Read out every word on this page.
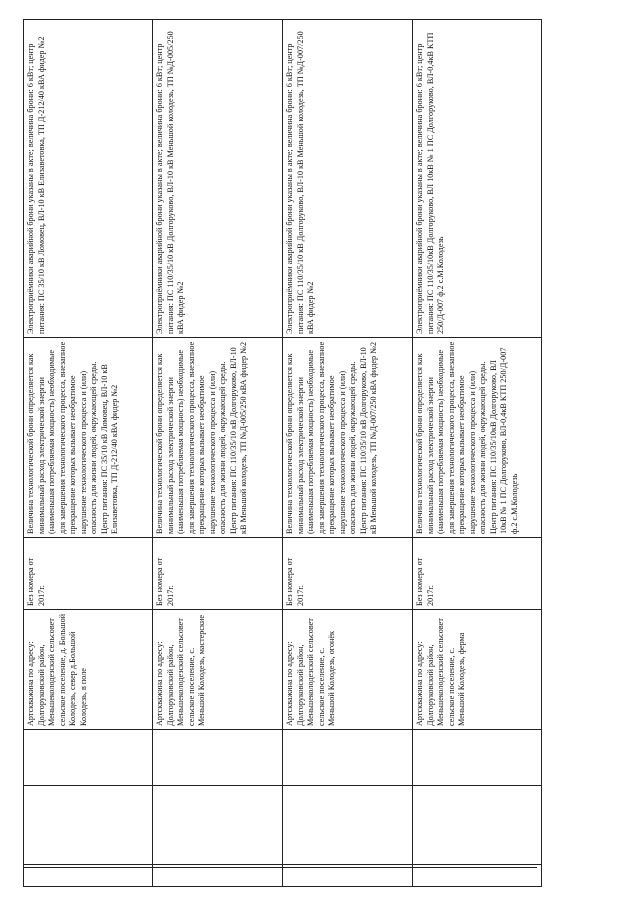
			Артскважина по адресу: Долгоруковский район, Меньшеколодезский сельсовет сельское поселение, д. Большой Колодезь, север д.Большой Колодезь, в поле	Без номера от 2017г.	Величина технологической брони определяется как минимальный расход электрической энергии (наименьшая потребляемая мощность) необходимые для завершения технологического процесса, внезапное прекращение которых вызывает необратимое нарушение технологического процесса и (или) опасность для жизни людей, окружающей среды. Центр питания: ПС 35/10 кВ Ломовец, ВЛ-10 кВ Елизаветовка, ТП Д-212/40 кВА фидер №2	Электроприёмники аварийной брони указаны в акте; величина брони: 6 кВт; центр питания: ПС 35/10 кВ Ломовец, ВЛ-10 кВ Елизаветовка, ТП Д-212/40 кВА фидер №2
			Артскважина по адресу: Долгоруковский район, Меньшеколодезский сельсовет сельское поселение, с. Меньшой Колодезь, мастерские	Без номера от 2017г.	Величина технологической брони определяется как минимальный расход электрической энергии (наименьшая потребляемая мощность) необходимые для завершения технологического процесса, внезапное прекращение которых вызывает необратимое нарушение технологического процесса и (или) опасность для жизни людей, окружающей среды. Центр питания: ПС 110/35/10 кВ Долгоруково, ВЛ-10 кВ Меньшой колодезь, ТП №Д-005/250 кВА фидер №2	Электроприёмники аварийной брони указаны в акте; величина брони: 6 кВт; центр питания: ПС 110/35/10 кВ Долгоруково, ВЛ-10 кВ Меньшой колодезь, ТП №Д-005/250 кВА фидер №2
			Артскважина по адресу: Долгоруковский район, Меньшеколодезский сельсовет сельское поселение, с. Меньшой Колодезь, огонёк	Без номера от 2017г.	Величина технологической брони определяется как минимальный расход электрической энергии (наименьшая потребляемая мощность) необходимые для завершения технологического процесса, внезапное прекращение которых вызывает необратимое нарушение технологического процесса и (или) опасность для жизни людей, окружающей среды. Центр питания: ПС 110/35/10 кВ Долгоруково, ВЛ-10 кВ Меньшой колодезь, ТП №Д-007/250 кВА фидер №2	Электроприёмники аварийной брони указаны в акте; величина брони: 6 кВт; центр питания: ПС 110/35/10 кВ Долгоруково, ВЛ-10 кВ Меньшой колодезь, ТП №Д-007/250 кВА фидер №2
			Артскважина по адресу: Долгоруковский район, Меньшеколодезский сельсовет сельское поселение, с. Меньшой Колодезь, ферма	Без номера от 2017г.	Величина технологической брони определяется как минимальный расход электрической энергии (наименьшая потребляемая мощность) необходимые для завершения технологического процесса, внезапное прекращение которых вызывает необратимое нарушение технологического процесса и (или) опасность для жизни людей, окружающей среды. Центр питания: ПС 110/35/10кВ Долгоруково, ВЛ 10кВ № 1 ПС Долгоруково, ВЛ-0,4кВ КТП 250/Д-007 ф.2 с.М.Колодезь	Электроприёмники аварийной брони указаны в акте; величина брони: 6 кВт; центр питания: ПС 110/35/10кВ Долгоруково, ВЛ 10кВ № 1 ПС Долгоруково, ВЛ-0,4кВ КТП 250/Д-007 ф.2 с.М.Колодезь
